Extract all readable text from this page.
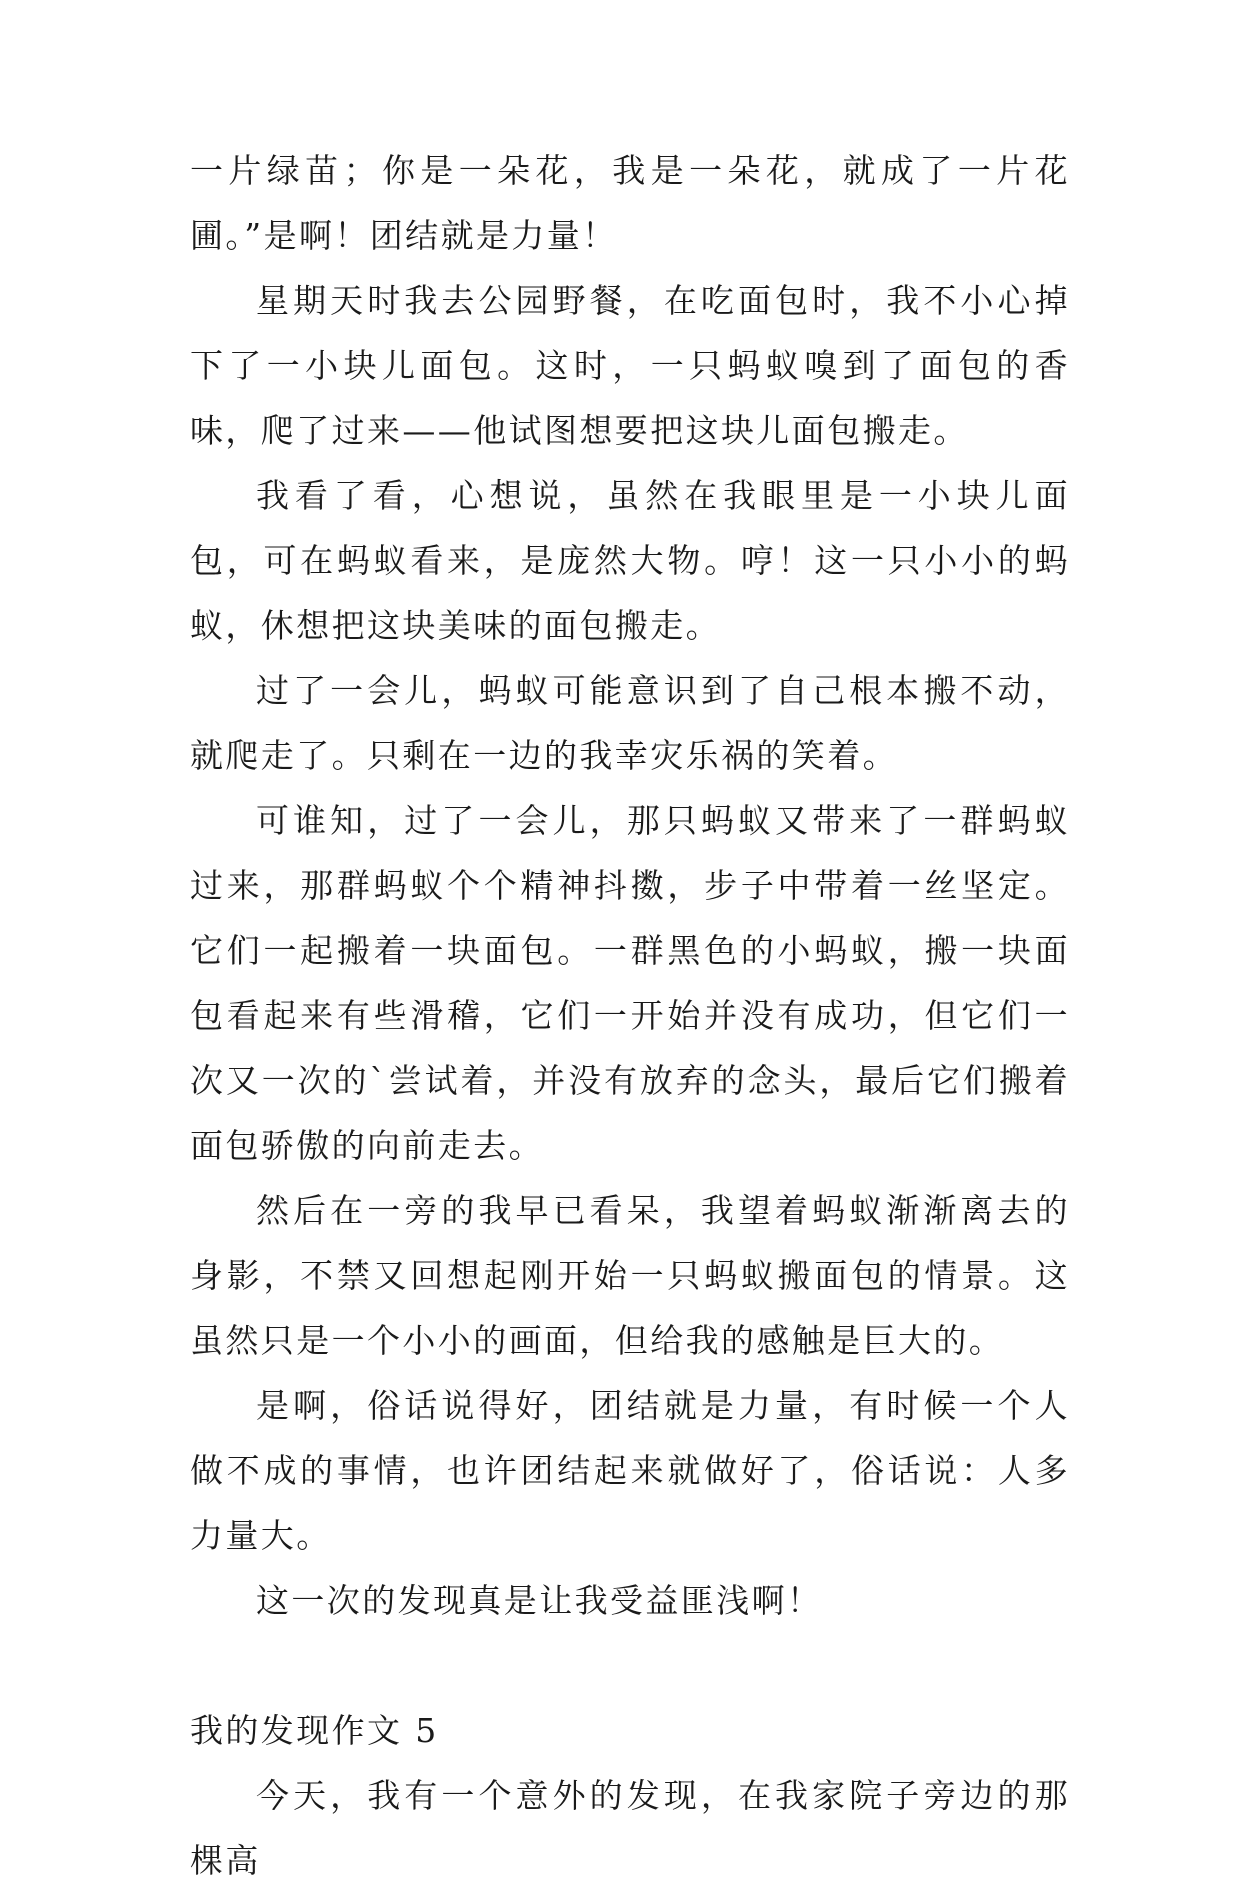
一片绿苗；你是一朵花，我是一朵花，就成了一片花圃。”是啊！团结就是力量！

星期天时我去公园野餐，在吃面包时，我不小心掉下了一小块儿面包。这时，一只蚂蚁嗅到了面包的香味，爬了过来——他试图想要把这块儿面包搬走。

我看了看，心想说，虽然在我眼里是一小块儿面包，可在蚂蚁看来，是庞然大物。哼！这一只小小的蚂蚁，休想把这块美味的面包搬走。

过了一会儿，蚂蚁可能意识到了自己根本搬不动，就爬走了。只剩在一边的我幸灾乐祸的笑着。

可谁知，过了一会儿，那只蚂蚁又带来了一群蚂蚁过来，那群蚂蚁个个精神抖擞，步子中带着一丝坚定。它们一起搬着一块面包。一群黑色的小蚂蚁，搬一块面包看起来有些滑稽，它们一开始并没有成功，但它们一次又一次的`尝试着，并没有放弃的念头，最后它们搬着面包骄傲的向前走去。

然后在一旁的我早已看呆，我望着蚂蚁渐渐离去的身影，不禁又回想起刚开始一只蚂蚁搬面包的情景。这虽然只是一个小小的画面，但给我的感触是巨大的。

是啊，俗话说得好，团结就是力量，有时候一个人做不成的事情，也许团结起来就做好了，俗话说：人多力量大。

这一次的发现真是让我受益匪浅啊！

我的发现作文 5

今天，我有一个意外的发现，在我家院子旁边的那棵高
